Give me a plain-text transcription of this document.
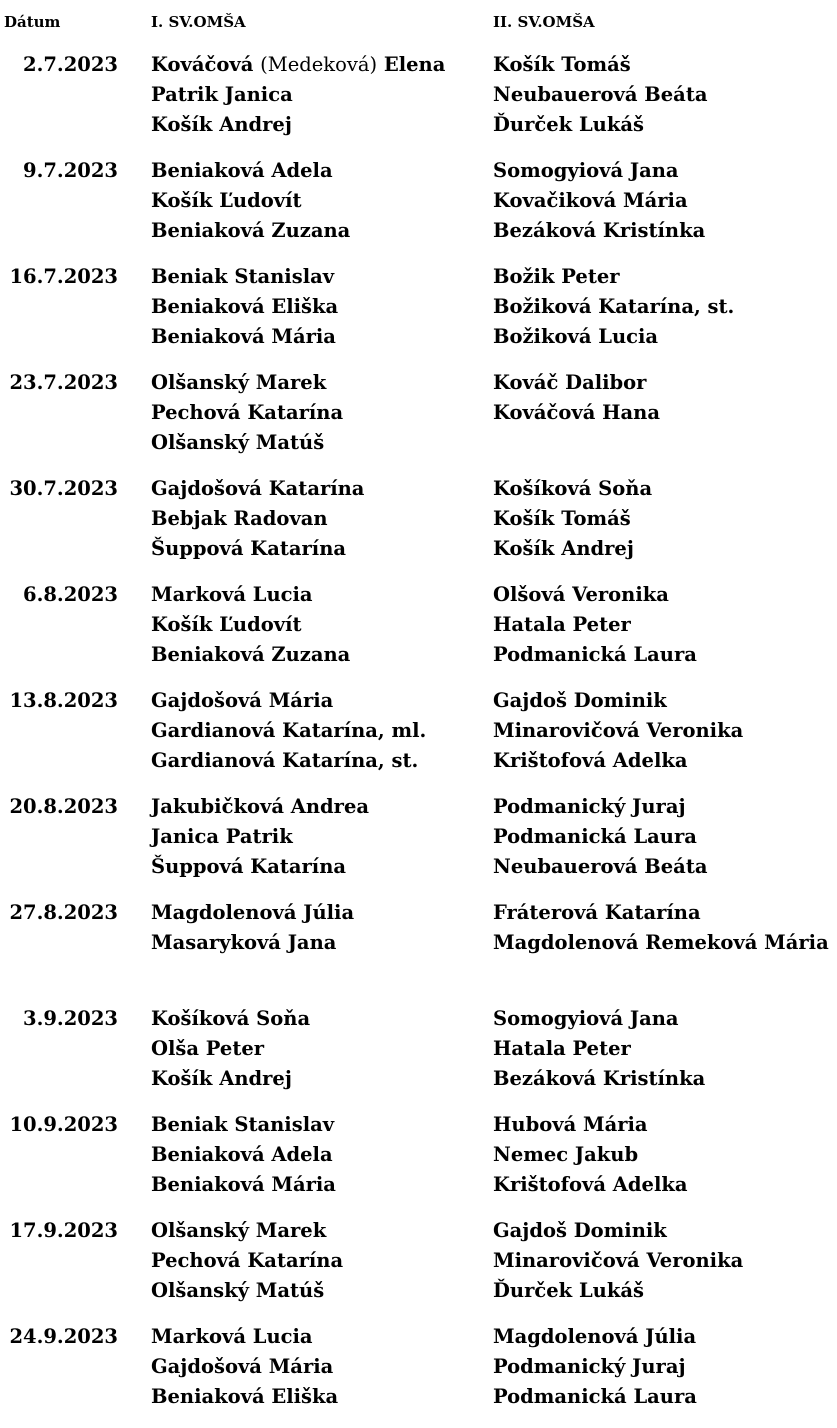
Dátum	I. SV.OMŠA	II. SV.OMŠA
2.7.2023 Kováčová (Medeková) Elena
Patrik Janica
Košík Andrej
Košík Tomáš
Neubauerová Beáta
Ďurček Lukáš
9.7.2023 Beniaková Adela
Košík Ľudovít
Beniaková Zuzana
Somogyiová Jana
Kovačiková Mária
Bezáková Kristínka
16.7.2023 Beniak Stanislav
Beniaková Eliška
Beniaková Mária
Božik Peter
Božiková Katarína, st.
Božiková Lucia
23.7.2023 Olšanský Marek
Pechová Katarína
Olšanský Matúš
Kováč Dalibor
Kováčová Hana
30.7.2023 Gajdošová Katarína
Bebjak Radovan
Šuppová Katarína
Košíková Soňa
Košík Tomáš
Košík Andrej
6.8.2023 Marková Lucia
Košík Ľudovít
Beniaková Zuzana
Olšová Veronika
Hatala Peter
Podmanická Laura
13.8.2023 Gajdošová Mária
Gardianová Katarína, ml.
Gardianová Katarína, st.
Gajdoš Dominik
Minarovičová Veronika
Krištofová Adelka
20.8.2023 Jakubičková Andrea
Janica Patrik
Šuppová Katarína
Podmanický Juraj
Podmanická Laura
Neubauerová Beáta
27.8.2023 Magdolenová Júlia
Masaryková Jana
Fráterová Katarína
Magdolenová Remeková Mária
3.9.2023 Košíková Soňa
Olša Peter
Košík Andrej
Somogyiová Jana
Hatala Peter
Bezáková Kristínka
10.9.2023 Beniak Stanislav
Beniaková Adela
Beniaková Mária
Hubová Mária
Nemec Jakub
Krištofová Adelka
17.9.2023 Olšanský Marek
Pechová Katarína
Olšanský Matúš
Gajdoš Dominik
Minarovičová Veronika
Ďurček Lukáš
24.9.2023 Marková Lucia
Gajdošová Mária
Beniaková Eliška
Magdolenová Júlia
Podmanický Juraj
Podmanická Laura
